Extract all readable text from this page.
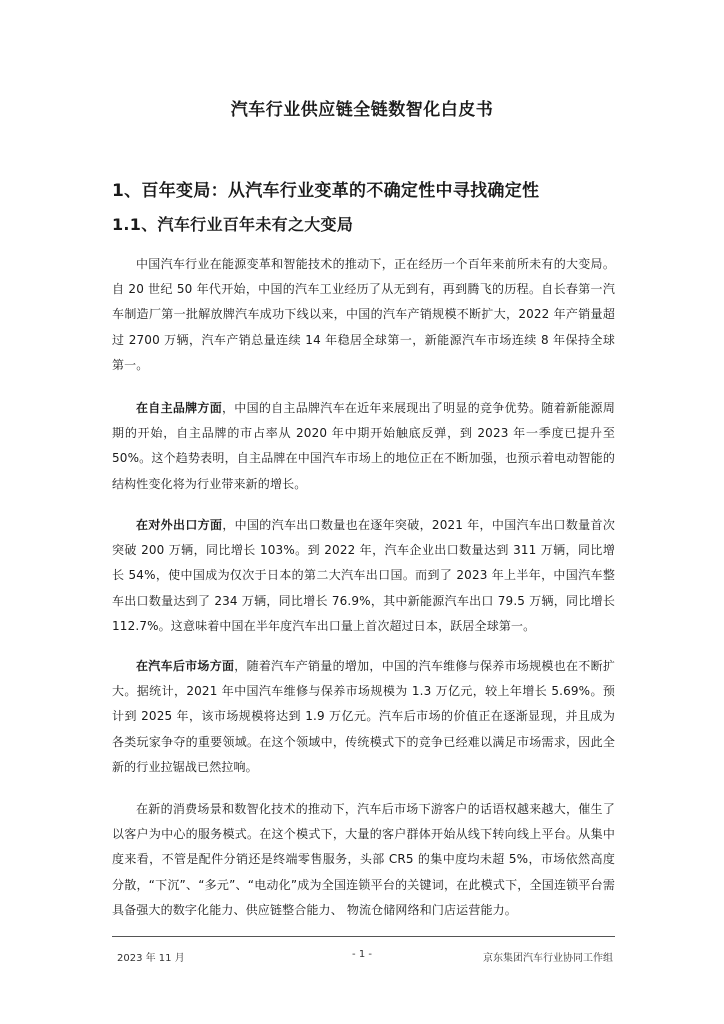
汽车行业供应链全链数智化白皮书
1、百年变局：从汽车行业变革的不确定性中寻找确定性
1.1、汽车行业百年未有之大变局

中国汽车行业在能源变革和智能技术的推动下，正在经历一个百年来前所未有的大变局。自 20 世纪 50 年代开始，中国的汽车工业经历了从无到有，再到腾飞的历程。自长春第一汽车制造厂第一批解放牌汽车成功下线以来，中国的汽车产销规模不断扩大，2022 年产销量超过 2700 万辆，汽车产销总量连续 14 年稳居全球第一，新能源汽车市场连续 8 年保持全球第一。

在自主品牌方面，中国的自主品牌汽车在近年来展现出了明显的竞争优势。随着新能源周期的开始，自主品牌的市占率从 2020 年中期开始触底反弹，到 2023 年一季度已提升至 50%。这个趋势表明，自主品牌在中国汽车市场上的地位正在不断加强，也预示着电动智能的结构性变化将为行业带来新的增长。

在对外出口方面，中国的汽车出口数量也在逐年突破，2021 年，中国汽车出口数量首次突破 200 万辆，同比增长 103%。到 2022 年，汽车企业出口数量达到 311 万辆，同比增长 54%，使中国成为仅次于日本的第二大汽车出口国。而到了 2023 年上半年，中国汽车整车出口数量达到了 234 万辆，同比增长 76.9%，其中新能源汽车出口 79.5 万辆，同比增长 112.7%。这意味着中国在半年度汽车出口量上首次超过日本，跃居全球第一。

在汽车后市场方面，随着汽车产销量的增加，中国的汽车维修与保养市场规模也在不断扩大。据统计，2021 年中国汽车维修与保养市场规模为 1.3 万亿元，较上年增长 5.69%。预计到 2025 年，该市场规模将达到 1.9 万亿元。汽车后市场的价值正在逐渐显现，并且成为各类玩家争夺的重要领域。在这个领域中，传统模式下的竞争已经难以满足市场需求，因此全新的行业拉锯战已然拉响。

在新的消费场景和数智化技术的推动下，汽车后市场下游客户的话语权越来越大，催生了以客户为中心的服务模式。在这个模式下，大量的客户群体开始从线下转向线上平台。从集中度来看，不管是配件分销还是终端零售服务，头部 CR5 的集中度均未超 5%，市场依然高度分散，“下沉”、“多元”、“电动化”成为全国连锁平台的关键词，在此模式下，全国连锁平台需具备强大的数字化能力、供应链整合能力、 物流仓储网络和门店运营能力。

2023 年 11 月	- 1 -	京东集团汽车行业协同工作组
